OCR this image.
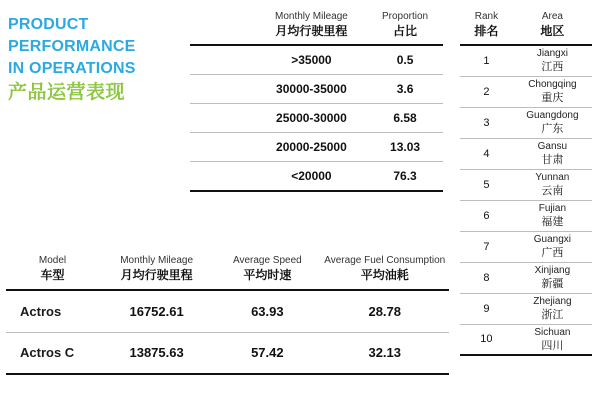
PRODUCT
PERFORMANCE
IN OPERATIONS
产品运营表现

Monthly Mileage
月均行驶里程

Proportion
占比

	>35000	0.5
	30000-35000	3.6
	25000-30000	6.58
	20000-25000	13.03
	<20000	76.3
Rank
排名

Area
地区

1	Jiangxi
江西

2	Chongqing
重庆

3	Guangdong
广东

4	Gansu
甘肃

5	Yunnan
云南

6	Fujian
福建

7	Guangxi
广西

8	Xinjiang
新疆

9	Zhejiang
浙江

10	Sichuan
四川
Model
车型

Monthly Mileage
月均行驶里程

Average Speed
平均时速

Average Fuel Consumption
平均油耗

Actros	16752.61	63.93	28.78
Actros C	13875.63	57.42	32.13
